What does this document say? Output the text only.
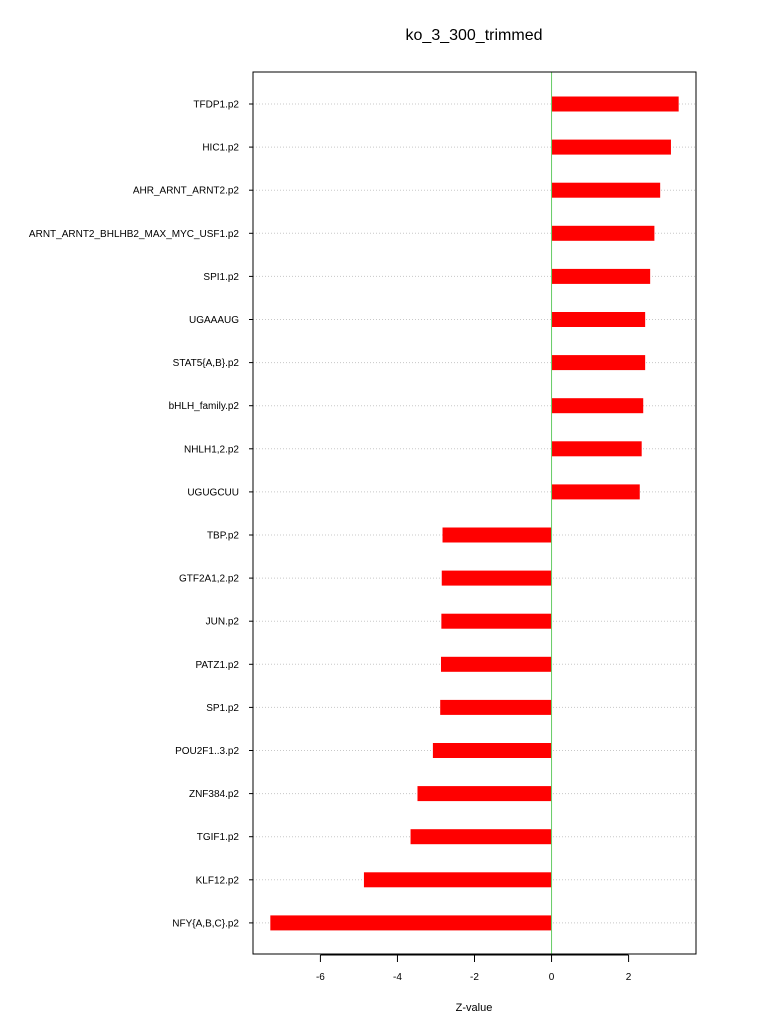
ko_3_300_trimmed
TFDP1.p2
HIC1.p2
AHR_ARNT_ARNT2.p2
ARNT_ARNT2_BHLHB2_MAX_MYC_USF1.p2
SPI1.p2
UGAAAUG
STAT5{A,B}.p2
bHLH_family.p2
NHLH1,2.p2
UGUGCUU
TBP.p2
GTF2A1,2.p2
JUN.p2
PATZ1.p2
SP1.p2
POU2F1..3.p2
ZNF384.p2
TGIF1.p2
KLF12.p2
NFY{A,B,C}.p2
-6	-4	-2	0	2
Z-value
